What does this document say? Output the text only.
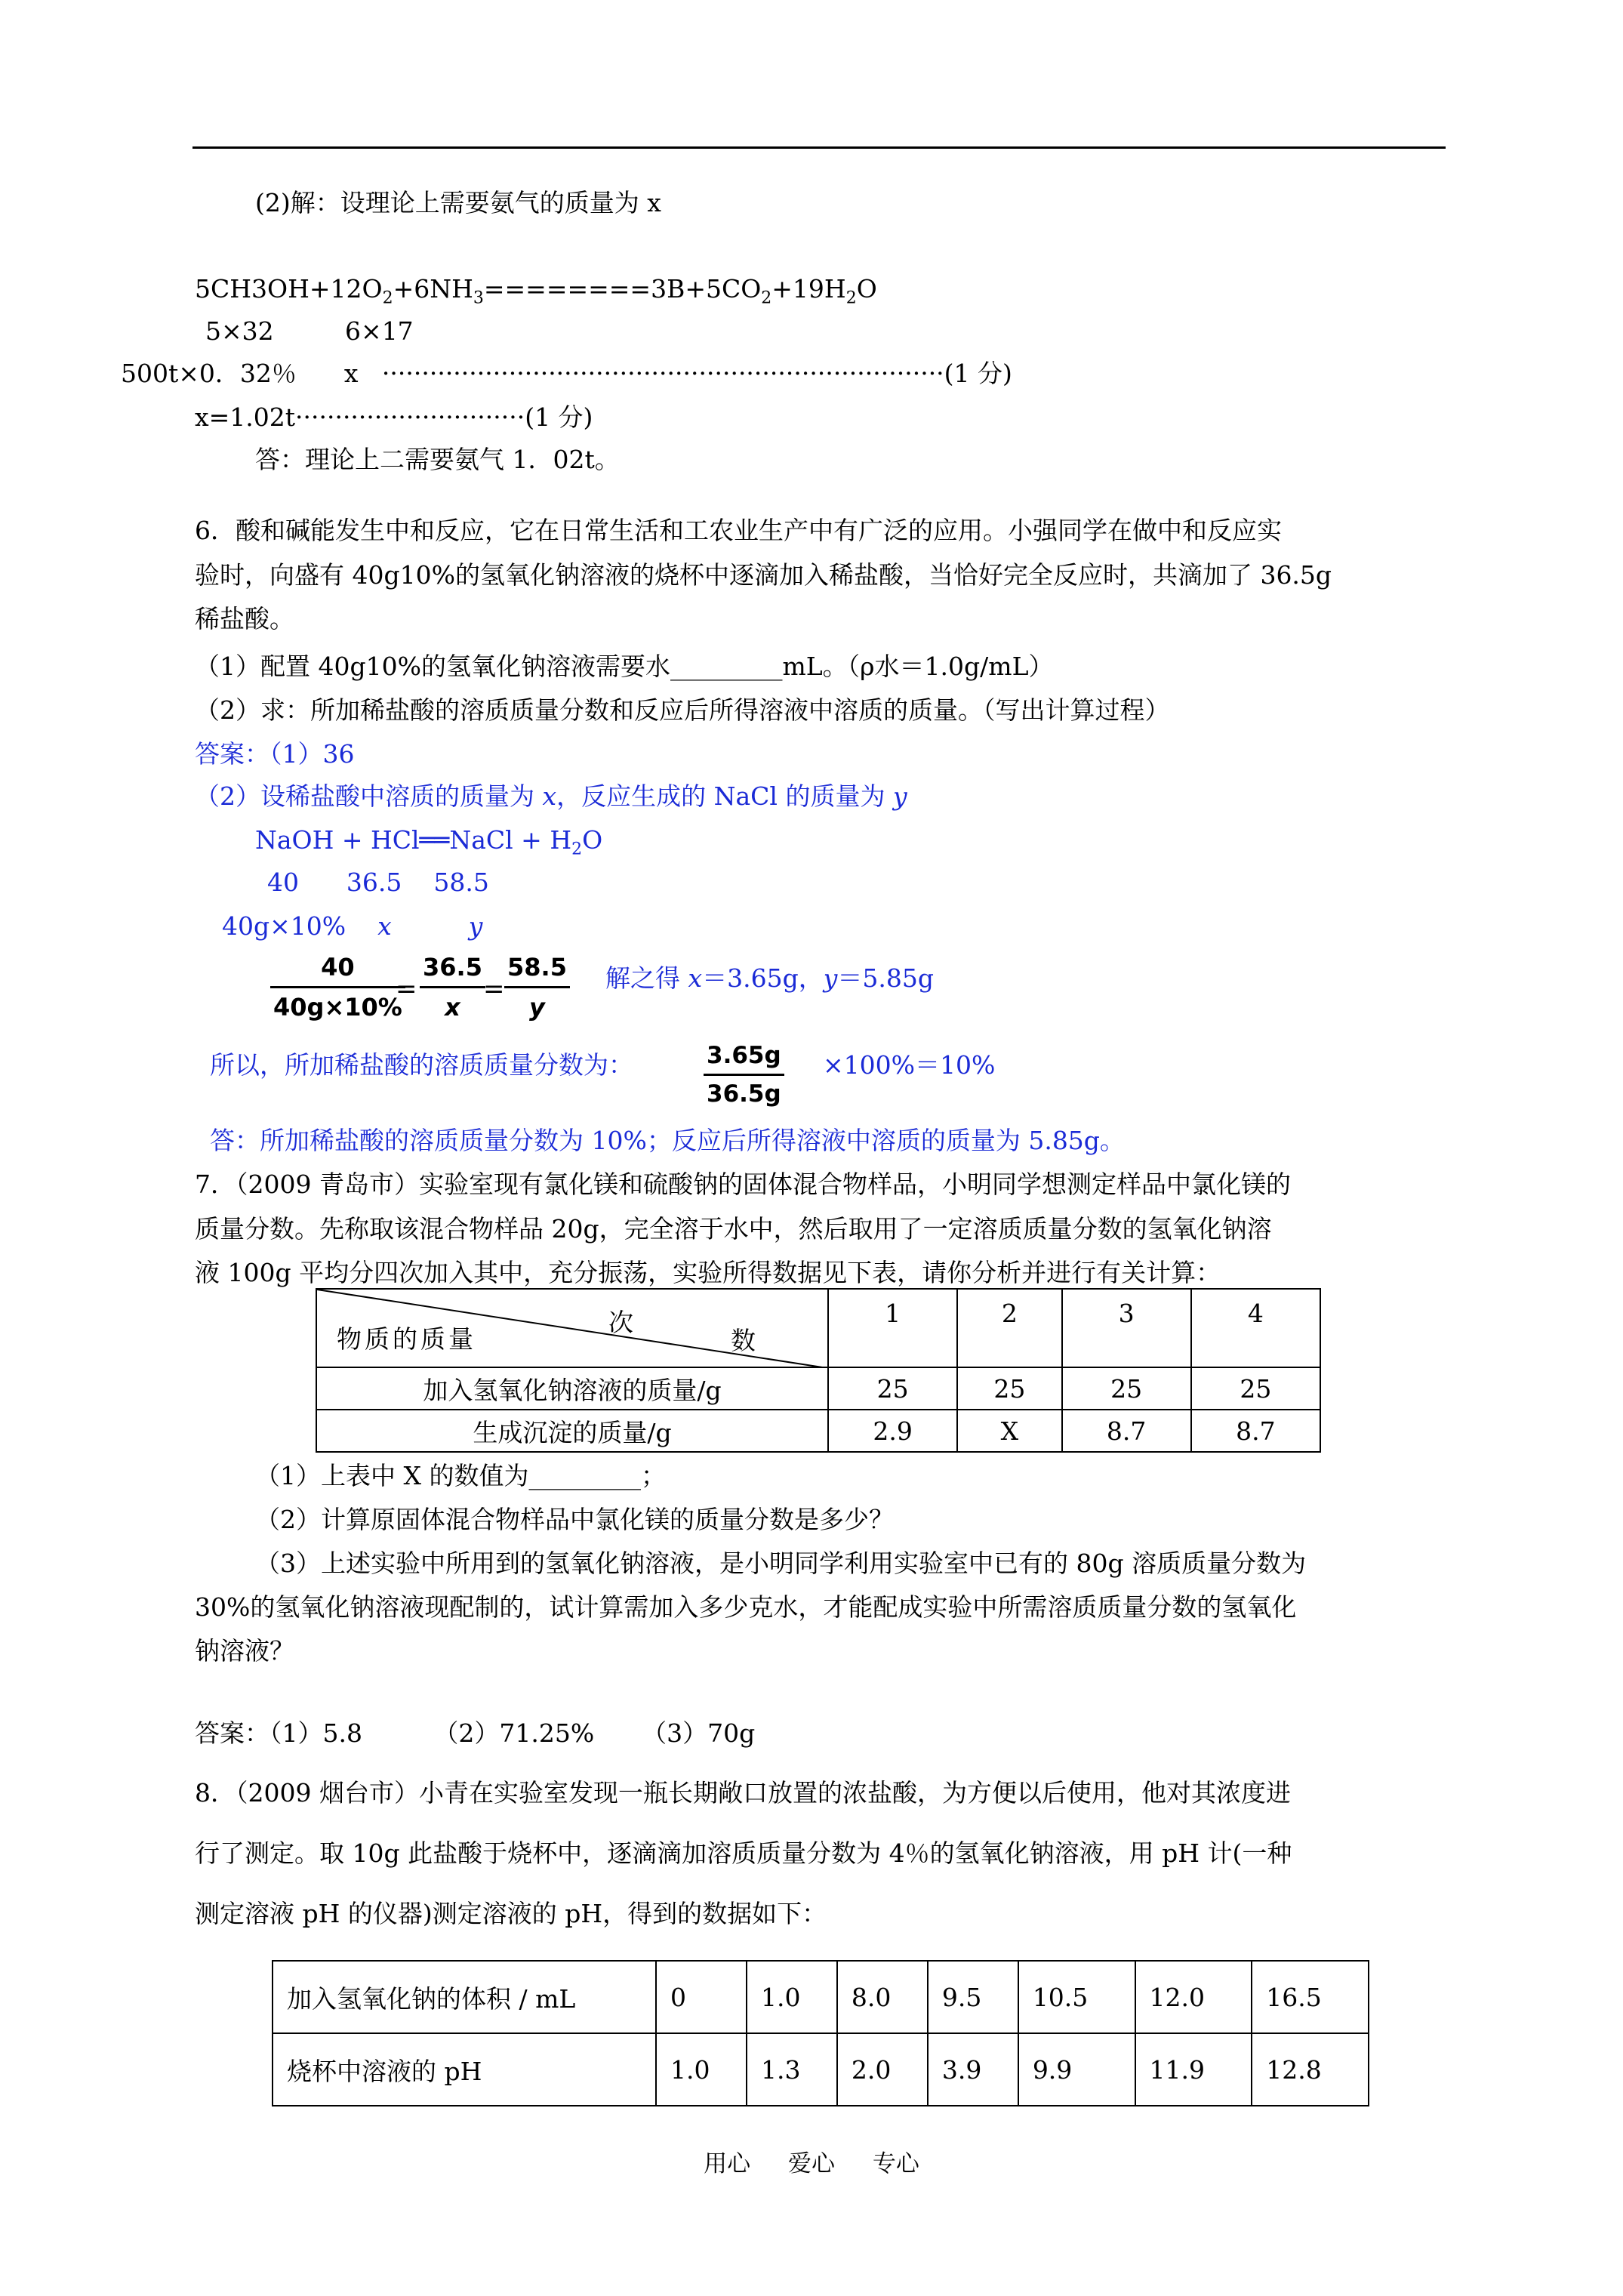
(2)解：设理论上需要氨气的质量为 x
$5CH3OH+12O_2+6NH_3========3B+5CO_2+19H_2O$
5×32         6×17
500t×0．32％      x   ·······································································(1 分)
x=1.02t·····························(1 分)
答：理论上二需要氨气 1．02t。
6．酸和碱能发生中和反应，它在日常生活和工农业生产中有广泛的应用。小强同学在做中和反应实
验时，向盛有 40g10%的氢氧化钠溶液的烧杯中逐滴加入稀盐酸，当恰好完全反应时，共滴加了 36.5g
稀盐酸。
（1）配置 40g10%的氢氧化钠溶液需要水_________mL。（ρ水＝1.0g/mL）
（2）求：所加稀盐酸的溶质质量分数和反应后所得溶液中溶质的质量。（写出计算过程）
答案：（1）36
（2）设稀盐酸中溶质的质量为 x，反应生成的 NaCl 的质量为 y
NaOH + HCl══NaCl + $H_2O$
40      36.5    58.5
40g×10%    x	y
40
40g×10%
=
36.5
x
=
58.5
y
解之得 x＝3.65g，y＝5.85g
所以，所加稀盐酸的溶质质量分数为：	3.65g
36.5g
×100%＝10%
答：所加稀盐酸的溶质质量分数为 10%；反应后所得溶液中溶质的质量为 5.85g。
7．（2009 青岛市）实验室现有氯化镁和硫酸钠的固体混合物样品，小明同学想测定样品中氯化镁的
质量分数。先称取该混合物样品 20g，完全溶于水中，然后取用了一定溶质质量分数的氢氧化钠溶
液 100g 平均分四次加入其中，充分振荡，实验所得数据见下表，请你分析并进行有关计算：
次
数
物质的质量	1	2	3	4
加入氢氧化钠溶液的质量/g	25	25	25	25
生成沉淀的质量/g	2.9	X	8.7	8.7
（1）上表中 X 的数值为_________；
（2）计算原固体混合物样品中氯化镁的质量分数是多少？
（3）上述实验中所用到的氢氧化钠溶液，是小明同学利用实验室中已有的 80g 溶质质量分数为
30%的氢氧化钠溶液现配制的，试计算需加入多少克水，才能配成实验中所需溶质质量分数的氢氧化
钠溶液？
答案：（1）5.8         （2）71.25%      （3）70g
8．（2009 烟台市）小青在实验室发现一瓶长期敞口放置的浓盐酸，为方便以后使用，他对其浓度进
行了测定。取 10g 此盐酸于烧杯中，逐滴滴加溶质质量分数为 4％的氢氧化钠溶液，用 pH 计(一种
测定溶液 pH 的仪器)测定溶液的 pH，得到的数据如下：
加入氢氧化钠的体积 / mL	0	1.0	8.0	9.5	10.5	12.0	16.5
烧杯中溶液的 pH	1.0	1.3	2.0	3.9	9.9	11.9	12.8
用心 爱心 专心
